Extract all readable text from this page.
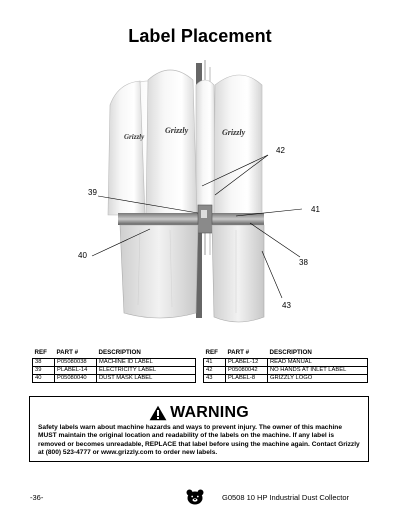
Label Placement
Grizzly
Grizzly	Grizzly
42
39
41
40
38
43
REF	PART #	DESCRIPTION
38	P05080038	MACHINE ID LABEL
39	PLABEL-14	ELECTRICITY LABEL
40	P05080040	DUST MASK LABEL
REF	PART #	DESCRIPTION
41	PLABEL-12	READ MANUAL
42	P05080042	NO HANDS AT INLET LABEL
43	PLABEL-8	GRIZZLY LOGO
WARNING
Safety labels warn about machine hazards and ways to prevent injury. The owner of this machine MUST maintain the original location and readability of the labels on the machine. If any label is removed or becomes unreadable, REPLACE that label before using the machine again. Contact Grizzly at (800) 523-4777 or www.grizzly.com to order new labels.
-36-	G0508 10 HP Industrial Dust Collector
